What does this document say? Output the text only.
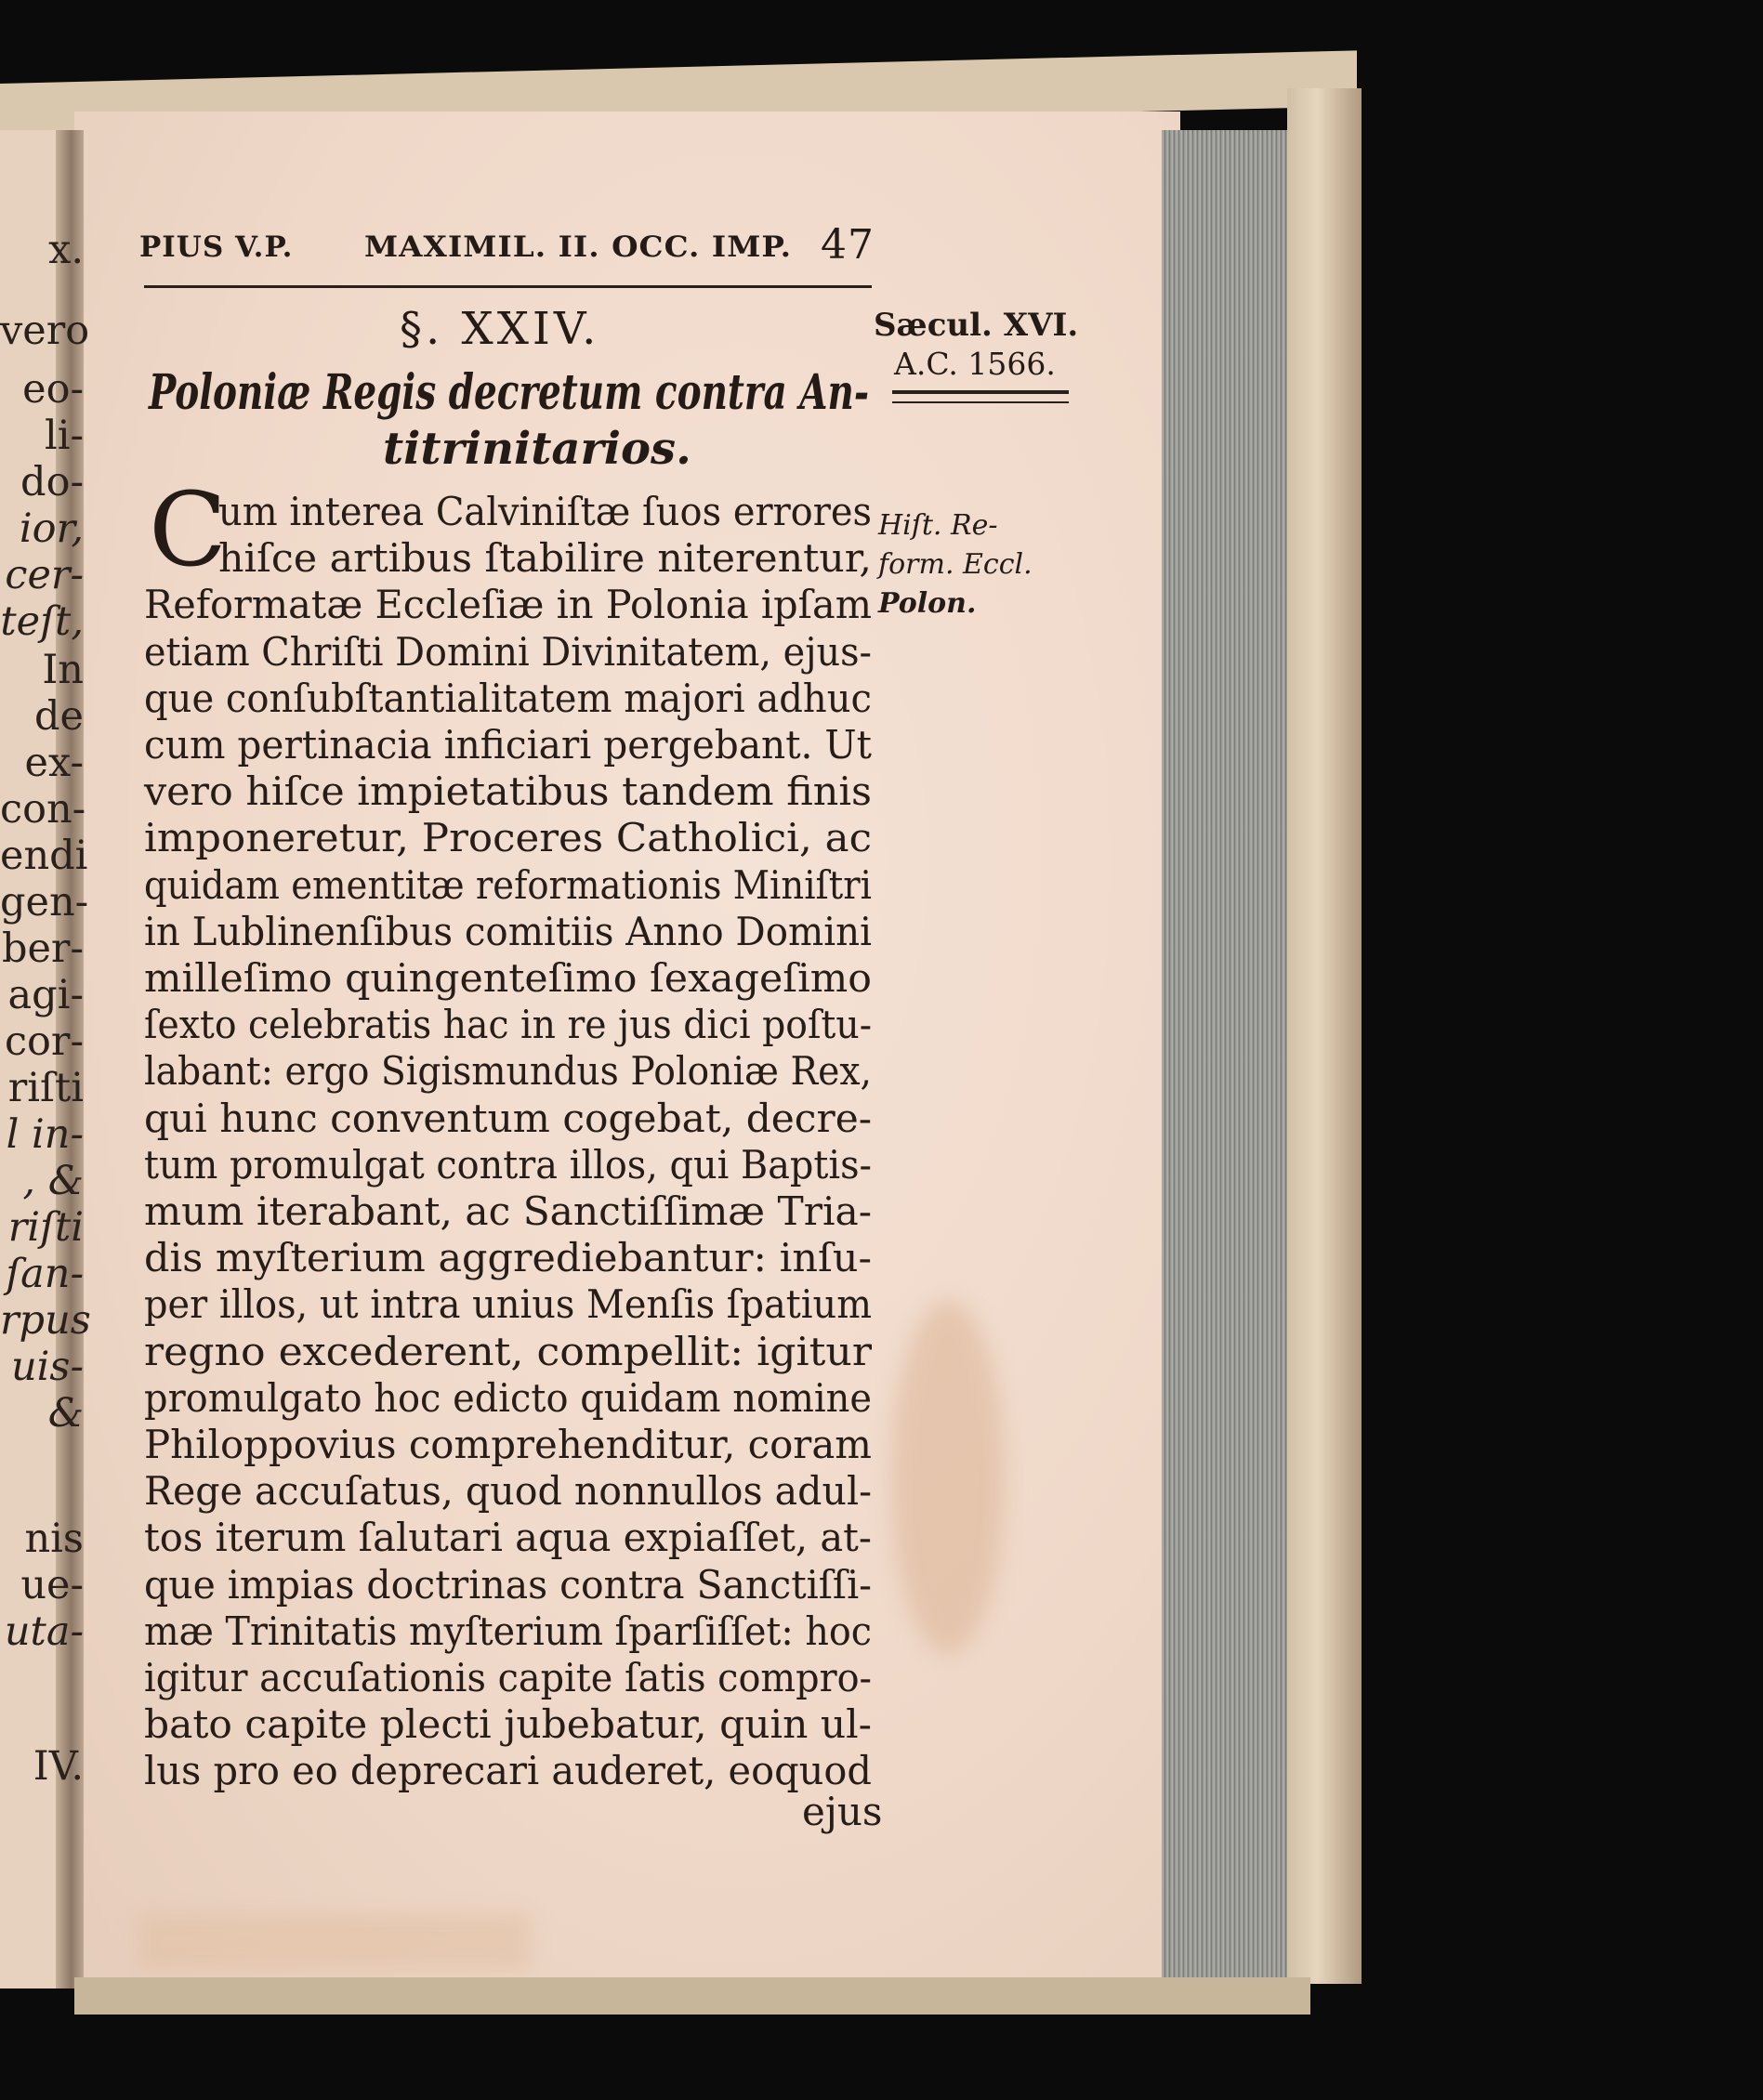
x.
vero
eo-
li-
do-
ior,
cer-
teſt,
In
de
ex-
con-
endi
gen-
ber-
agi-
cor-
riſti
l in-
, &
riſti
ſan-
rpus
uis-
&
nis
ue-
uta-
IV.
PIUS V.P. MAXIMIL. II. OCC. IMP. 47
§. XXIV.
Poloniæ Regis decretum contra An-
titrinitarios.
Sæcul. XVI.
A.C. 1566.
Hiſt. Re-
form. Eccl.
Polon.
C
um interea Calviniſtæ ſuos errores
hiſce artibus ſtabilire niterentur,
Reformatæ Eccleſiæ in Polonia ipſam
etiam Chriſti Domini Divinitatem, ejus-
que conſubſtantialitatem majori adhuc
cum pertinacia inficiari pergebant. Ut
vero hiſce impietatibus tandem finis
imponeretur, Proceres Catholici, ac
quidam ementitæ reformationis Miniſtri
in Lublinenſibus comitiis Anno Domini
milleſimo quingenteſimo ſexageſimo
ſexto celebratis hac in re jus dici poſtu-
labant: ergo Sigismundus Poloniæ Rex,
qui hunc conventum cogebat, decre-
tum promulgat contra illos, qui Baptis-
mum iterabant, ac Sanctiſſimæ Tria-
dis myſterium aggrediebantur: inſu-
per illos, ut intra unius Menſis ſpatium
regno excederent, compellit: igitur
promulgato hoc edicto quidam nomine
Philoppovius comprehenditur, coram
Rege accuſatus, quod nonnullos adul-
tos iterum ſalutari aqua expiaſſet, at-
que impias doctrinas contra Sanctiſſi-
mæ Trinitatis myſterium ſparſiſſet: hoc
igitur accuſationis capite ſatis compro-
bato capite plecti jubebatur, quin ul-
lus pro eo deprecari auderet, eoquod
ejus
